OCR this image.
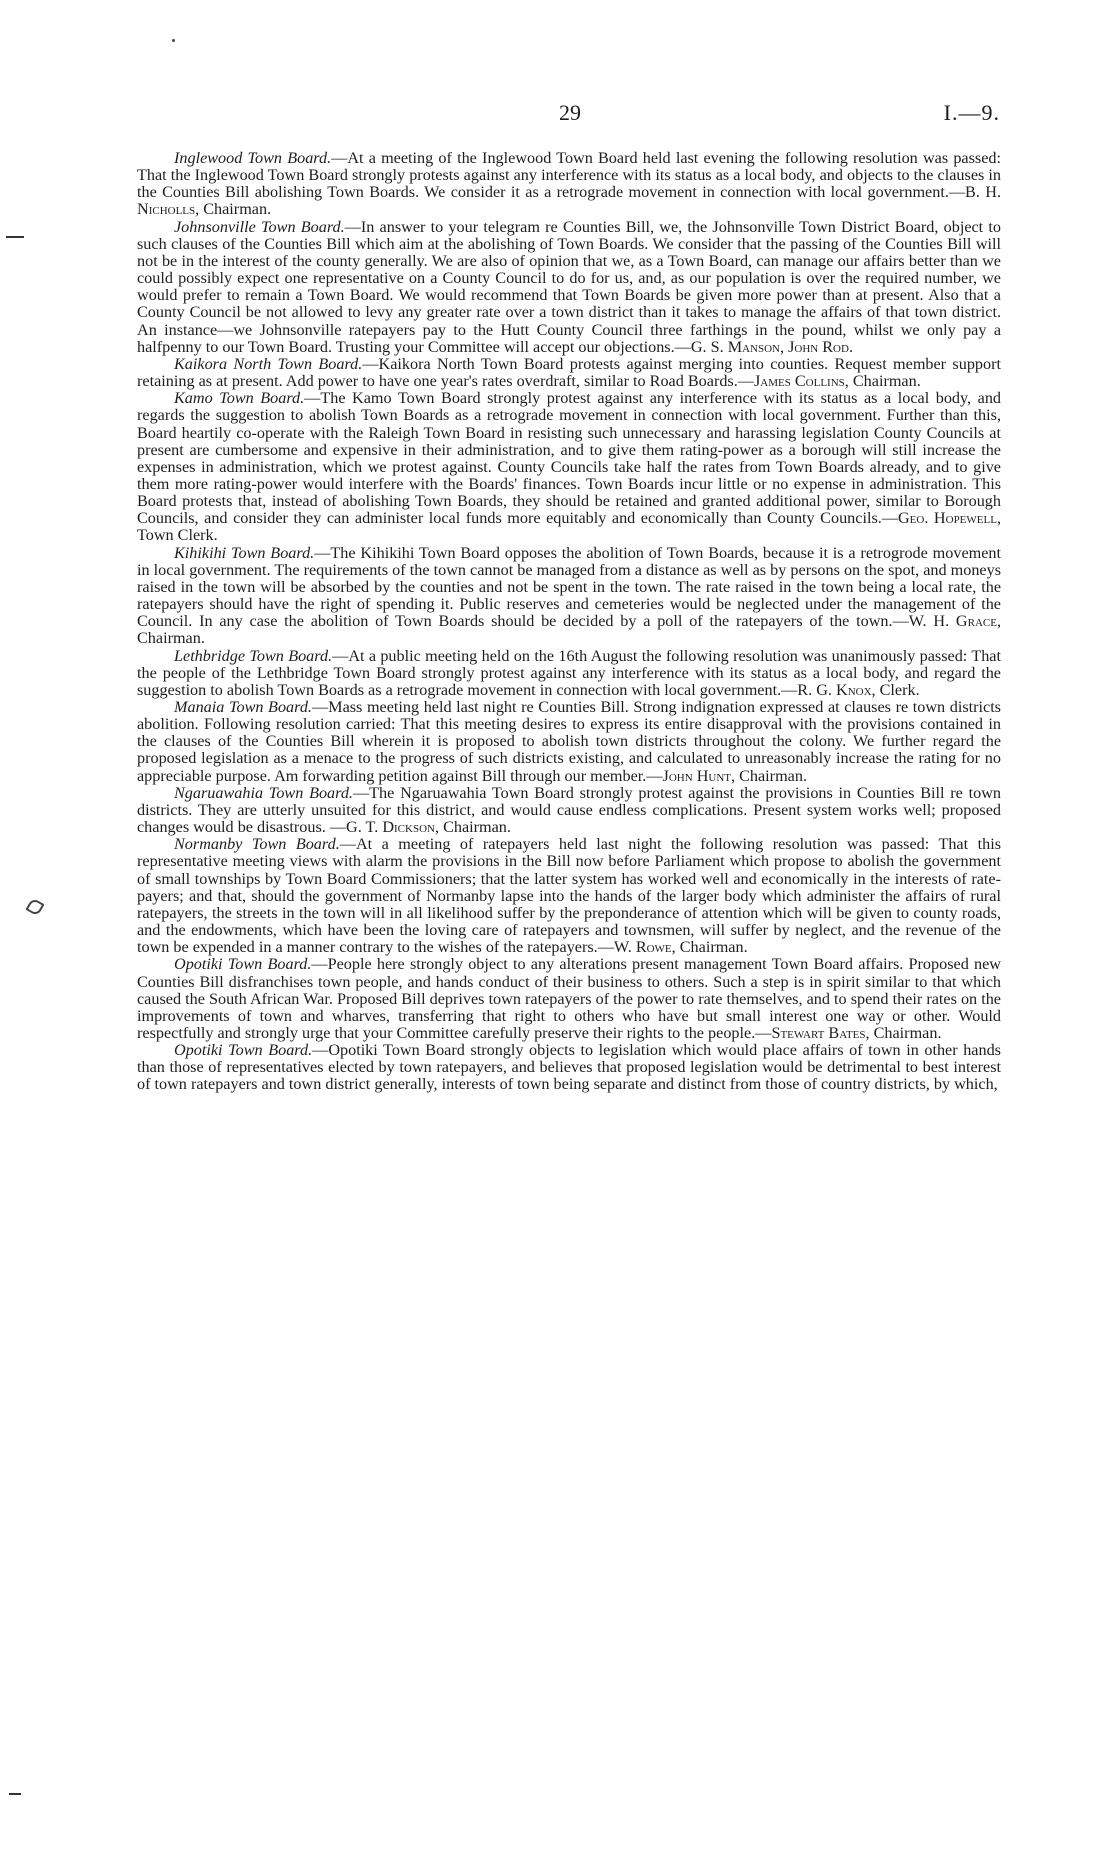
29	I.—9.

Inglewood Town Board.—At a meeting of the Inglewood Town Board held last evening the following resolution was passed: That the Inglewood Town Board strongly protests against any interference with its status as a local body, and objects to the clauses in the Counties Bill abolishing Town Boards. We consider it as a retrograde movement in connection with local government.—B. H. Nicholls, Chairman.

Johnsonville Town Board.—In answer to your telegram re Counties Bill, we, the Johnsonville Town District Board, object to such clauses of the Counties Bill which aim at the abolishing of Town Boards. We consider that the passing of the Counties Bill will not be in the interest of the county generally. We are also of opinion that we, as a Town Board, can manage our affairs better than we could possibly expect one representative on a County Council to do for us, and, as our population is over the required number, we would prefer to remain a Town Board. We would recommend that Town Boards be given more power than at present. Also that a County Council be not allowed to levy any greater rate over a town district than it takes to manage the affairs of that town district. An instance—we Johnsonville ratepayers pay to the Hutt County Council three farthings in the pound, whilst we only pay a halfpenny to our Town Board. Trusting your Committee will accept our objections.—G. S. Manson, John Rod.

Kaikora North Town Board.—Kaikora North Town Board protests against merging into counties. Request member support retaining as at present. Add power to have one year's rates overdraft, similar to Road Boards.—James Collins, Chairman.

Kamo Town Board.—The Kamo Town Board strongly protest against any interference with its status as a local body, and regards the suggestion to abolish Town Boards as a retrograde movement in connection with local government. Further than this, Board heartily co-operate with the Raleigh Town Board in resisting such unnecessary and harassing legislation County Councils at present are cumbersome and expensive in their administration, and to give them rating-power as a borough will still increase the expenses in administration, which we protest against. County Councils take half the rates from Town Boards already, and to give them more rating-power would interfere with the Boards' finances. Town Boards incur little or no expense in administration. This Board protests that, instead of abolishing Town Boards, they should be retained and granted additional power, similar to Borough Councils, and consider they can administer local funds more equitably and economically than County Councils.—Geo. Hopewell, Town Clerk.

Kihikihi Town Board.—The Kihikihi Town Board opposes the abolition of Town Boards, because it is a retrogrode movement in local government. The requirements of the town cannot be managed from a distance as well as by persons on the spot, and moneys raised in the town will be absorbed by the counties and not be spent in the town. The rate raised in the town being a local rate, the ratepayers should have the right of spending it. Public reserves and cemeteries would be neglected under the management of the Council. In any case the abolition of Town Boards should be decided by a poll of the ratepayers of the town.—W. H. Grace, Chairman.

Lethbridge Town Board.—At a public meeting held on the 16th August the following resolution was unanimously passed: That the people of the Lethbridge Town Board strongly protest against any interference with its status as a local body, and regard the suggestion to abolish Town Boards as a retrograde movement in connection with local government.—R. G. Knox, Clerk.

Manaia Town Board.—Mass meeting held last night re Counties Bill. Strong indignation expressed at clauses re town districts abolition. Following resolution carried: That this meeting desires to express its entire disapproval with the provisions contained in the clauses of the Counties Bill wherein it is proposed to abolish town districts throughout the colony. We further regard the proposed legislation as a menace to the progress of such districts existing, and calculated to unreasonably increase the rating for no appreciable purpose. Am forwarding petition against Bill through our member.—John Hunt, Chairman.

Ngaruawahia Town Board.—The Ngaruawahia Town Board strongly protest against the provisions in Counties Bill re town districts. They are utterly unsuited for this district, and would cause endless complications. Present system works well; proposed changes would be disastrous. —G. T. Dickson, Chairman.

Normanby Town Board.—At a meeting of ratepayers held last night the following resolution was passed: That this representative meeting views with alarm the provisions in the Bill now before Parliament which propose to abolish the government of small townships by Town Board Commissioners; that the latter system has worked well and economically in the interests of ratepayers; and that, should the government of Normanby lapse into the hands of the larger body which administer the affairs of rural ratepayers, the streets in the town will in all likelihood suffer by the preponderance of attention which will be given to county roads, and the endowments, which have been the loving care of ratepayers and townsmen, will suffer by neglect, and the revenue of the town be expended in a manner contrary to the wishes of the ratepayers.—W. Rowe, Chairman.

Opotiki Town Board.—People here strongly object to any alterations present management Town Board affairs. Proposed new Counties Bill disfranchises town people, and hands conduct of their business to others. Such a step is in spirit similar to that which caused the South African War. Proposed Bill deprives town ratepayers of the power to rate themselves, and to spend their rates on the improvements of town and wharves, transferring that right to others who have but small interest one way or other. Would respectfully and strongly urge that your Committee carefully preserve their rights to the people.—Stewart Bates, Chairman.

Opotiki Town Board.—Opotiki Town Board strongly objects to legislation which would place affairs of town in other hands than those of representatives elected by town ratepayers, and believes that proposed legislation would be detrimental to best interest of town ratepayers and town district generally, interests of town being separate and distinct from those of country districts, by which,
